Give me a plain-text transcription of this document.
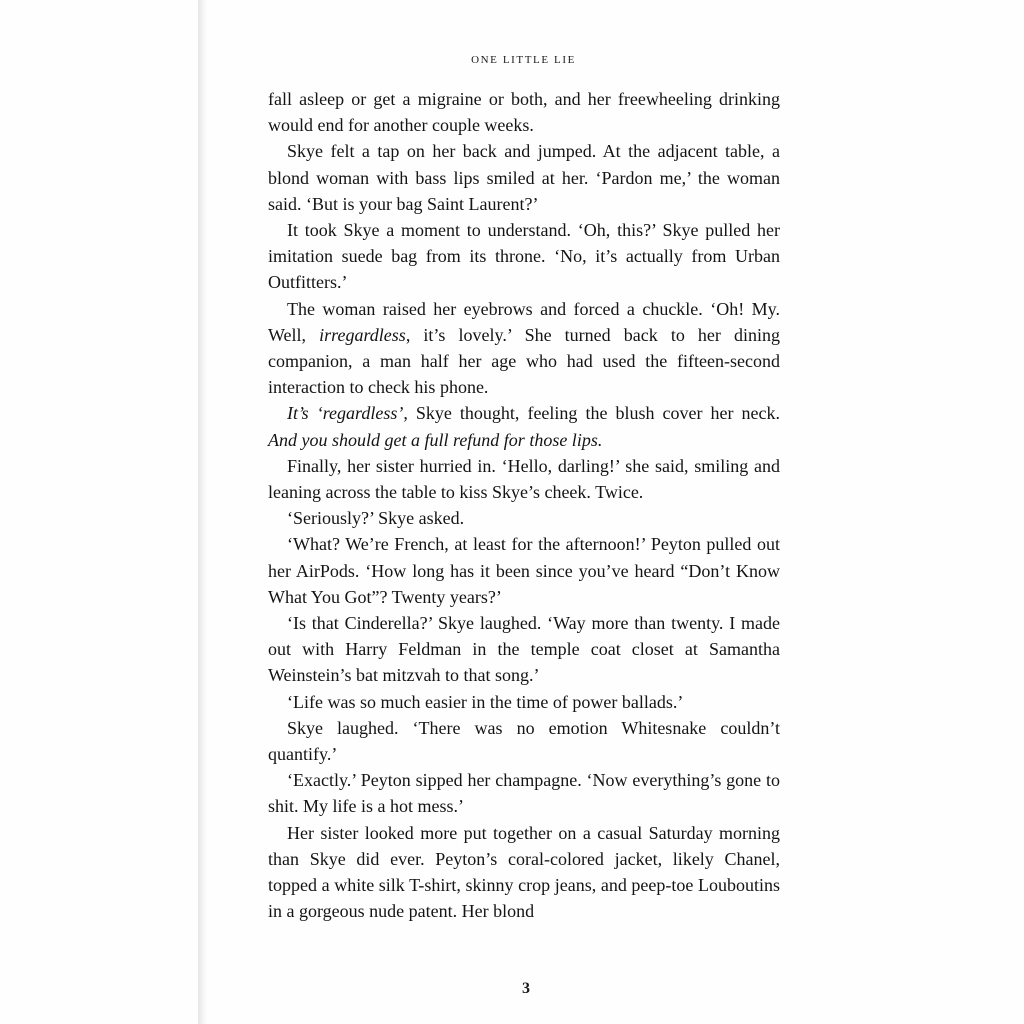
ONE LITTLE LIE

fall asleep or get a migraine or both, and her freewheeling drinking would end for another couple weeks.

Skye felt a tap on her back and jumped. At the adjacent table, a blond woman with bass lips smiled at her. ‘Pardon me,’ the woman said. ‘But is your bag Saint Laurent?’

It took Skye a moment to understand. ‘Oh, this?’ Skye pulled her imitation suede bag from its throne. ‘No, it’s actually from Urban Outfitters.’

The woman raised her eyebrows and forced a chuckle. ‘Oh! My. Well, irregardless, it’s lovely.’ She turned back to her dining companion, a man half her age who had used the fifteen-second interaction to check his phone.

It’s ‘regardless’, Skye thought, feeling the blush cover her neck. And you should get a full refund for those lips.

Finally, her sister hurried in. ‘Hello, darling!’ she said, smiling and leaning across the table to kiss Skye’s cheek. Twice.

‘Seriously?’ Skye asked.

‘What? We’re French, at least for the afternoon!’ Peyton pulled out her AirPods. ‘How long has it been since you’ve heard “Don’t Know What You Got”? Twenty years?’

‘Is that Cinderella?’ Skye laughed. ‘Way more than twenty. I made out with Harry Feldman in the temple coat closet at Samantha Weinstein’s bat mitzvah to that song.’

‘Life was so much easier in the time of power ballads.’

Skye laughed. ‘There was no emotion Whitesnake couldn’t quantify.’

‘Exactly.’ Peyton sipped her champagne. ‘Now everything’s gone to shit. My life is a hot mess.’

Her sister looked more put together on a casual Saturday morning than Skye did ever. Peyton’s coral-colored jacket, likely Chanel, topped a white silk T-shirt, skinny crop jeans, and peep-toe Louboutins in a gorgeous nude patent. Her blond

3
